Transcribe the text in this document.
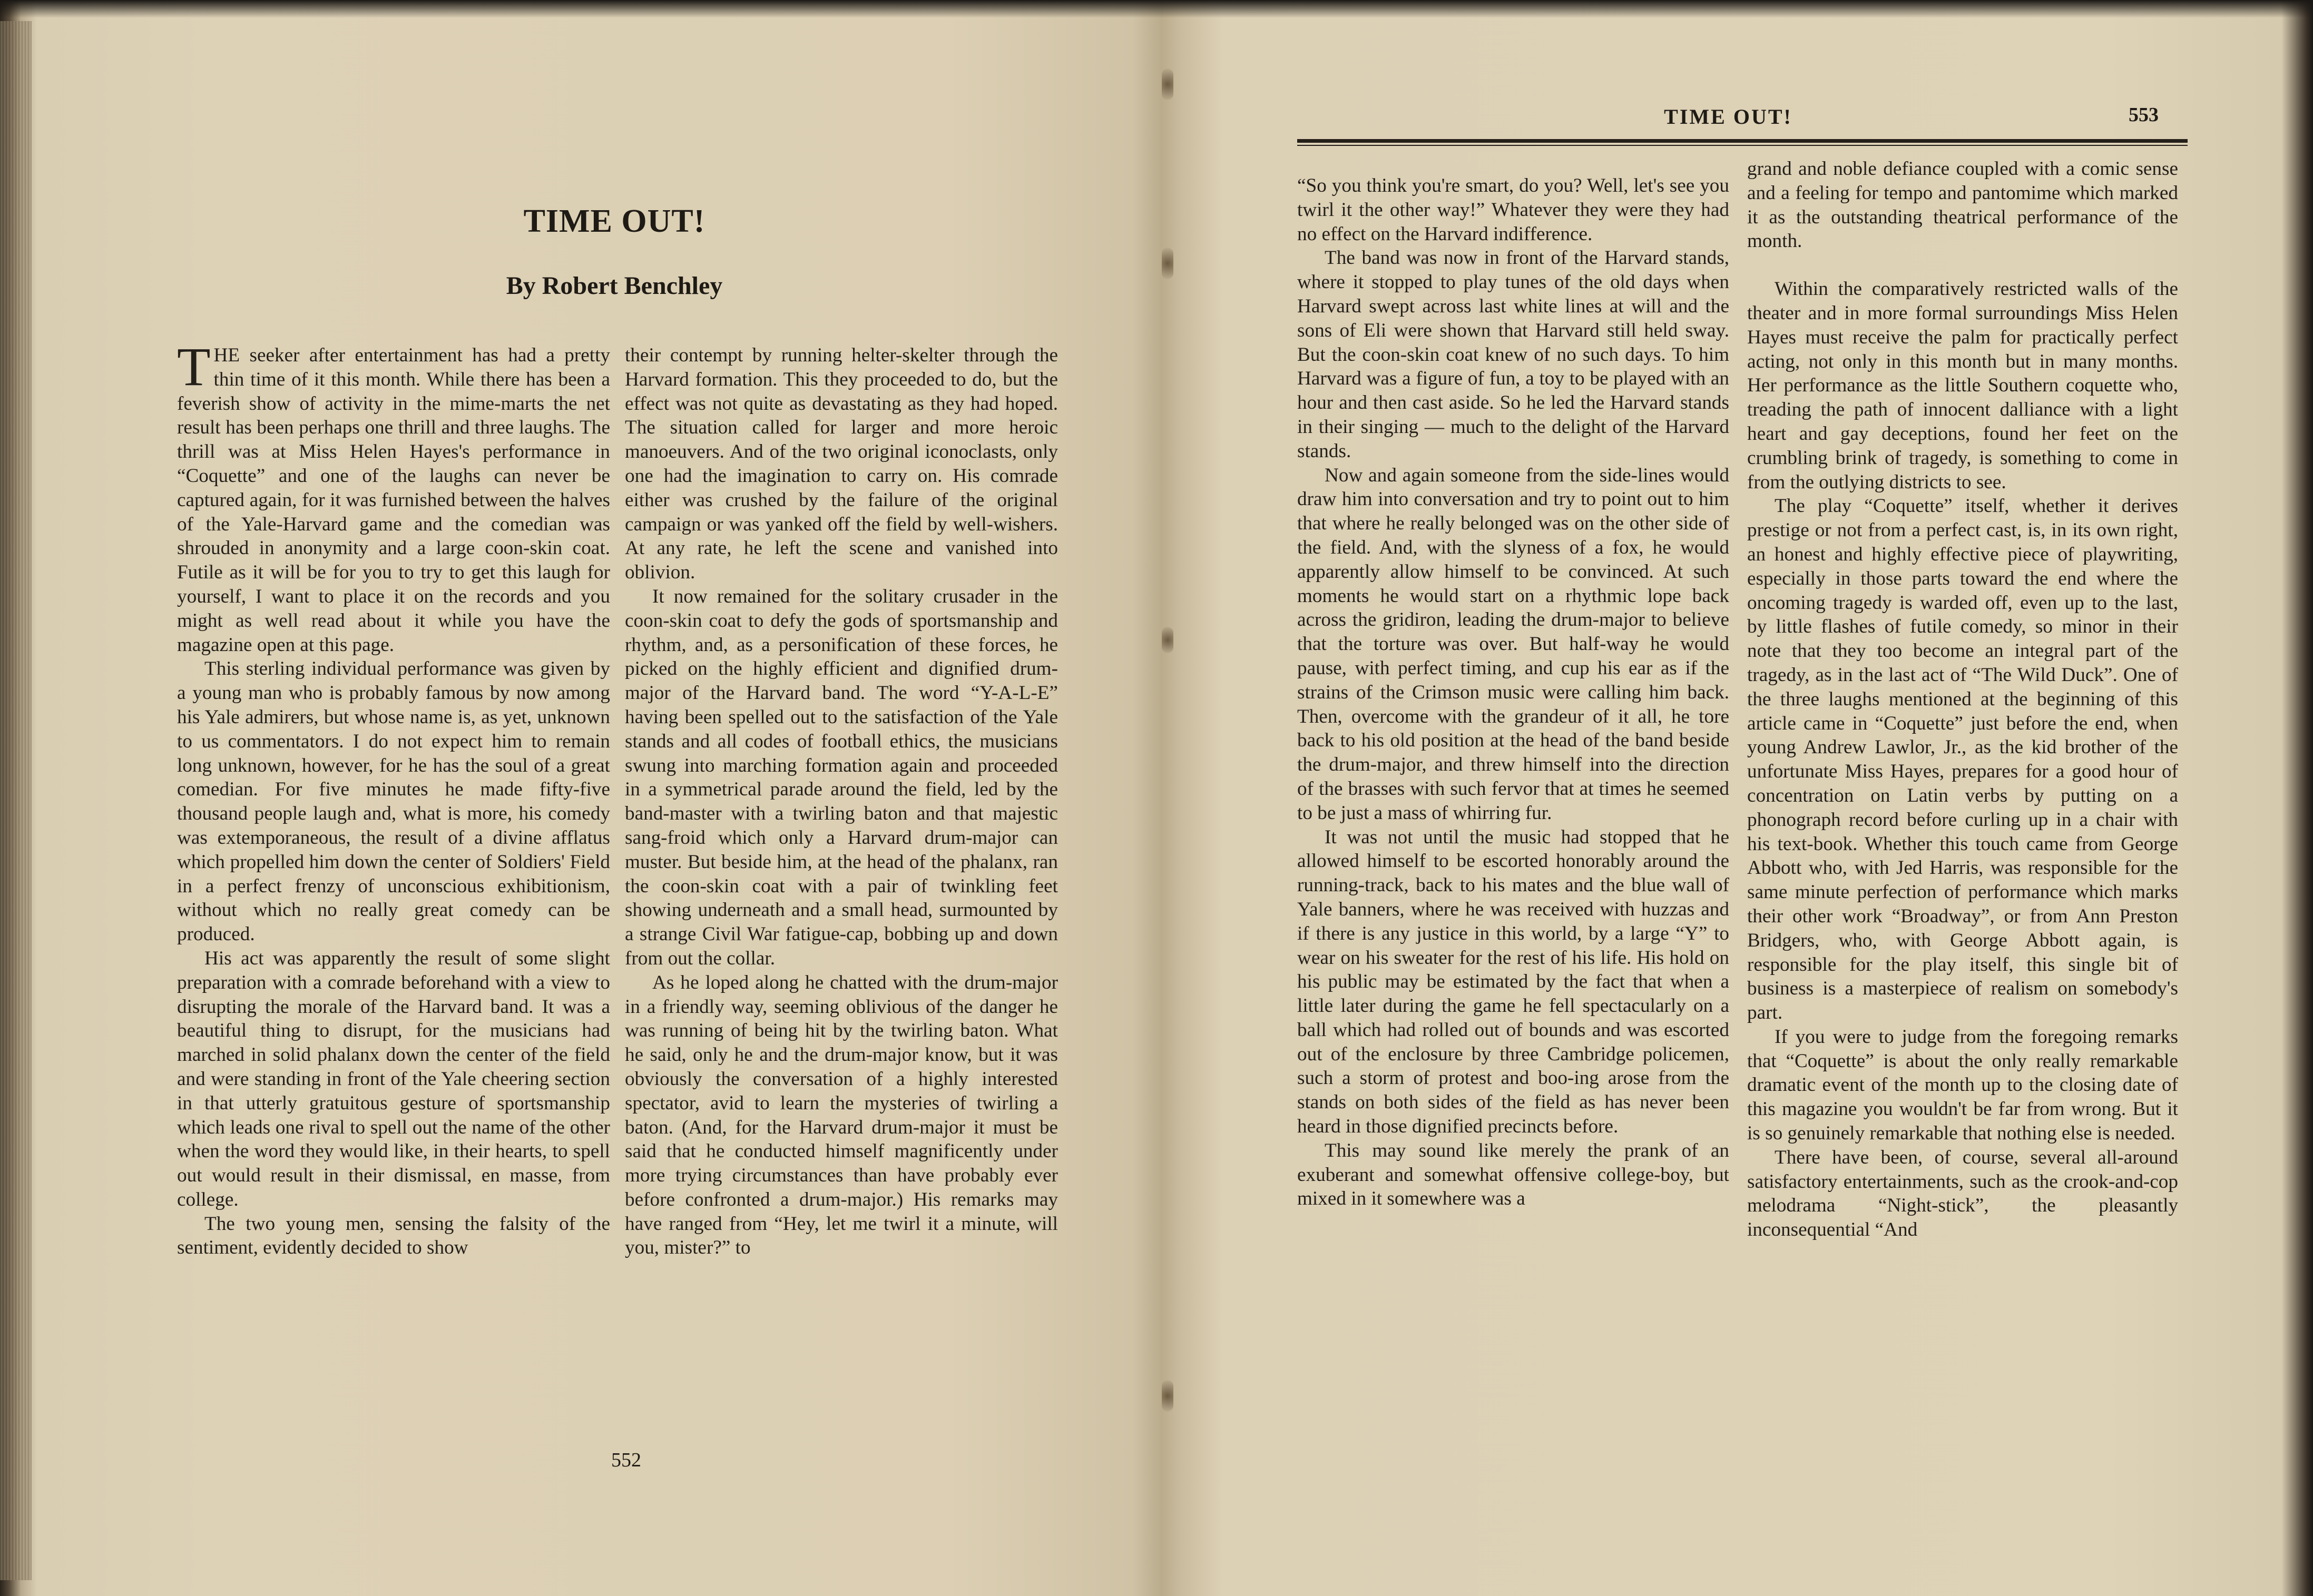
TIME OUT!
By Robert Benchley

THE seeker after entertainment has had a pretty thin time of it this month. While there has been a feverish show of activity in the mime-marts the net result has been perhaps one thrill and three laughs. The thrill was at Miss Helen Hayes's performance in “Coquette” and one of the laughs can never be captured again, for it was furnished between the halves of the Yale-Harvard game and the comedian was shrouded in anonymity and a large coon-skin coat. Futile as it will be for you to try to get this laugh for yourself, I want to place it on the records and you might as well read about it while you have the magazine open at this page.

This sterling individual performance was given by a young man who is probably famous by now among his Yale admirers, but whose name is, as yet, unknown to us commentators. I do not expect him to remain long unknown, however, for he has the soul of a great comedian. For five minutes he made fifty-five thousand people laugh and, what is more, his comedy was extemporaneous, the result of a divine afflatus which propelled him down the center of Soldiers' Field in a perfect frenzy of unconscious exhibitionism, without which no really great comedy can be produced.

His act was apparently the result of some slight preparation with a comrade beforehand with a view to disrupting the morale of the Harvard band. It was a beautiful thing to disrupt, for the musicians had marched in solid phalanx down the center of the field and were standing in front of the Yale cheering section in that utterly gratuitous gesture of sportsmanship which leads one rival to spell out the name of the other when the word they would like, in their hearts, to spell out would result in their dismissal, en masse, from college.

The two young men, sensing the falsity of the sentiment, evidently decided to show

their contempt by running helter-skelter through the Harvard formation. This they proceeded to do, but the effect was not quite as devastating as they had hoped. The situation called for larger and more heroic manoeuvers. And of the two original iconoclasts, only one had the imagination to carry on. His comrade either was crushed by the failure of the original campaign or was yanked off the field by well-wishers. At any rate, he left the scene and vanished into oblivion.

It now remained for the solitary crusader in the coon-skin coat to defy the gods of sportsmanship and rhythm, and, as a personification of these forces, he picked on the highly efficient and dignified drum-major of the Harvard band. The word “Y-A-L-E” having been spelled out to the satisfaction of the Yale stands and all codes of football ethics, the musicians swung into marching formation again and proceeded in a symmetrical parade around the field, led by the band-master with a twirling baton and that majestic sang-froid which only a Harvard drum-major can muster. But beside him, at the head of the phalanx, ran the coon-skin coat with a pair of twinkling feet showing underneath and a small head, surmounted by a strange Civil War fatigue-cap, bobbing up and down from out the collar.

As he loped along he chatted with the drum-major in a friendly way, seeming oblivious of the danger he was running of being hit by the twirling baton. What he said, only he and the drum-major know, but it was obviously the conversation of a highly interested spectator, avid to learn the mysteries of twirling a baton. (And, for the Harvard drum-major it must be said that he conducted himself magnificently under more trying circumstances than have probably ever before confronted a drum-major.) His remarks may have ranged from “Hey, let me twirl it a minute, will you, mister?” to

552
TIME OUT!	553

“So you think you're smart, do you? Well, let's see you twirl it the other way!” Whatever they were they had no effect on the Harvard indifference.

The band was now in front of the Harvard stands, where it stopped to play tunes of the old days when Harvard swept across last white lines at will and the sons of Eli were shown that Harvard still held sway. But the coon-skin coat knew of no such days. To him Harvard was a figure of fun, a toy to be played with an hour and then cast aside. So he led the Harvard stands in their singing — much to the delight of the Harvard stands.

Now and again someone from the side-lines would draw him into conversation and try to point out to him that where he really belonged was on the other side of the field. And, with the slyness of a fox, he would apparently allow himself to be convinced. At such moments he would start on a rhythmic lope back across the gridiron, leading the drum-major to believe that the torture was over. But half-way he would pause, with perfect timing, and cup his ear as if the strains of the Crimson music were calling him back. Then, overcome with the grandeur of it all, he tore back to his old position at the head of the band beside the drum-major, and threw himself into the direction of the brasses with such fervor that at times he seemed to be just a mass of whirring fur.

It was not until the music had stopped that he allowed himself to be escorted honorably around the running-track, back to his mates and the blue wall of Yale banners, where he was received with huzzas and if there is any justice in this world, by a large “Y” to wear on his sweater for the rest of his life. His hold on his public may be estimated by the fact that when a little later during the game he fell spectacularly on a ball which had rolled out of bounds and was escorted out of the enclosure by three Cambridge policemen, such a storm of protest and boo-ing arose from the stands on both sides of the field as has never been heard in those dignified precincts before.

This may sound like merely the prank of an exuberant and somewhat offensive college-boy, but mixed in it somewhere was a

grand and noble defiance coupled with a comic sense and a feeling for tempo and pantomime which marked it as the outstanding theatrical performance of the month.

Within the comparatively restricted walls of the theater and in more formal surroundings Miss Helen Hayes must receive the palm for practically perfect acting, not only in this month but in many months. Her performance as the little Southern coquette who, treading the path of innocent dalliance with a light heart and gay deceptions, found her feet on the crumbling brink of tragedy, is something to come in from the outlying districts to see.

The play “Coquette” itself, whether it derives prestige or not from a perfect cast, is, in its own right, an honest and highly effective piece of playwriting, especially in those parts toward the end where the oncoming tragedy is warded off, even up to the last, by little flashes of futile comedy, so minor in their note that they too become an integral part of the tragedy, as in the last act of “The Wild Duck”. One of the three laughs mentioned at the beginning of this article came in “Coquette” just before the end, when young Andrew Lawlor, Jr., as the kid brother of the unfortunate Miss Hayes, prepares for a good hour of concentration on Latin verbs by putting on a phonograph record before curling up in a chair with his text-book. Whether this touch came from George Abbott who, with Jed Harris, was responsible for the same minute perfection of performance which marks their other work “Broadway”, or from Ann Preston Bridgers, who, with George Abbott again, is responsible for the play itself, this single bit of business is a masterpiece of realism on somebody's part.

If you were to judge from the foregoing remarks that “Coquette” is about the only really remarkable dramatic event of the month up to the closing date of this magazine you wouldn't be far from wrong. But it is so genuinely remarkable that nothing else is needed.

There have been, of course, several all-around satisfactory entertainments, such as the crook-and-cop melodrama “Night-stick”, the pleasantly inconsequential “And
